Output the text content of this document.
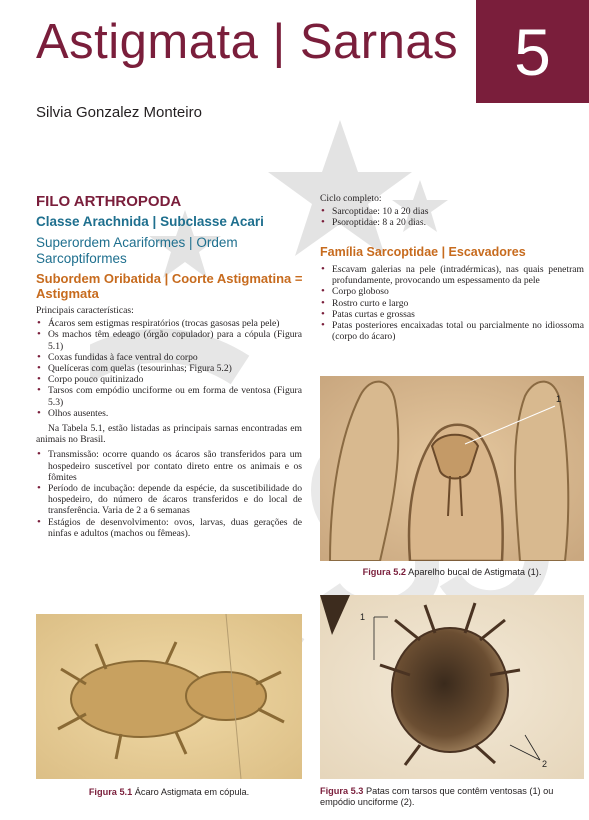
Astigmata | Sarnas 5
Silvia Gonzalez Monteiro
FILO ARTHROPODA
Classe Arachnida | Subclasse Acari
Superordem Acariformes | Ordem
Sarcoptiformes
Subordem Oribatida | Coorte Astigmatina =
Astigmata
Principais características:
• Ácaros sem estigmas respiratórios (trocas gasosas pela pele)
• Os machos têm edeago (órgão copulador) para a cópula (Figura 5.1)
• Coxas fundidas à face ventral do corpo
• Quelíceras com quelas (tesourinhas; Figura 5.2)
• Corpo pouco quitinizado
• Tarsos com empódio unciforme ou em forma de ventosa (Figura 5.3)
• Olhos ausentes.
Na Tabela 5.1, estão listadas as principais sarnas encontradas em animais no Brasil.
• Transmissão: ocorre quando os ácaros são transferidos para um hospedeiro suscetível por contato direto entre os animais e os fômites
• Período de incubação: depende da espécie, da suscetibilidade do hospedeiro, do número de ácaros transferidos e do local de transferência. Varia de 2 a 6 semanas
• Estágios de desenvolvimento: ovos, larvas, duas gerações de ninfas e adultos (machos ou fêmeas).
Ciclo completo:
• Sarcoptidae: 10 a 20 dias
• Psoroptidae: 8 a 20 dias.
Família Sarcoptidae | Escavadores
• Escavam galerias na pele (intradérmicas), nas quais penetram profundamente, provocando um espessamento da pele
• Corpo globoso
• Rostro curto e largo
• Patas curtas e grossas
• Patas posteriores encaixadas total ou parcialmente no idiossoma (corpo do ácaro)
1
Figura 5.2 Aparelho bucal de Astigmata (1).
Figura 5.1 Ácaro Astigmata em cópula.
1
2
Figura 5.3 Patas com tarsos que contêm ventosas (1) ou empódio unciforme (2).
